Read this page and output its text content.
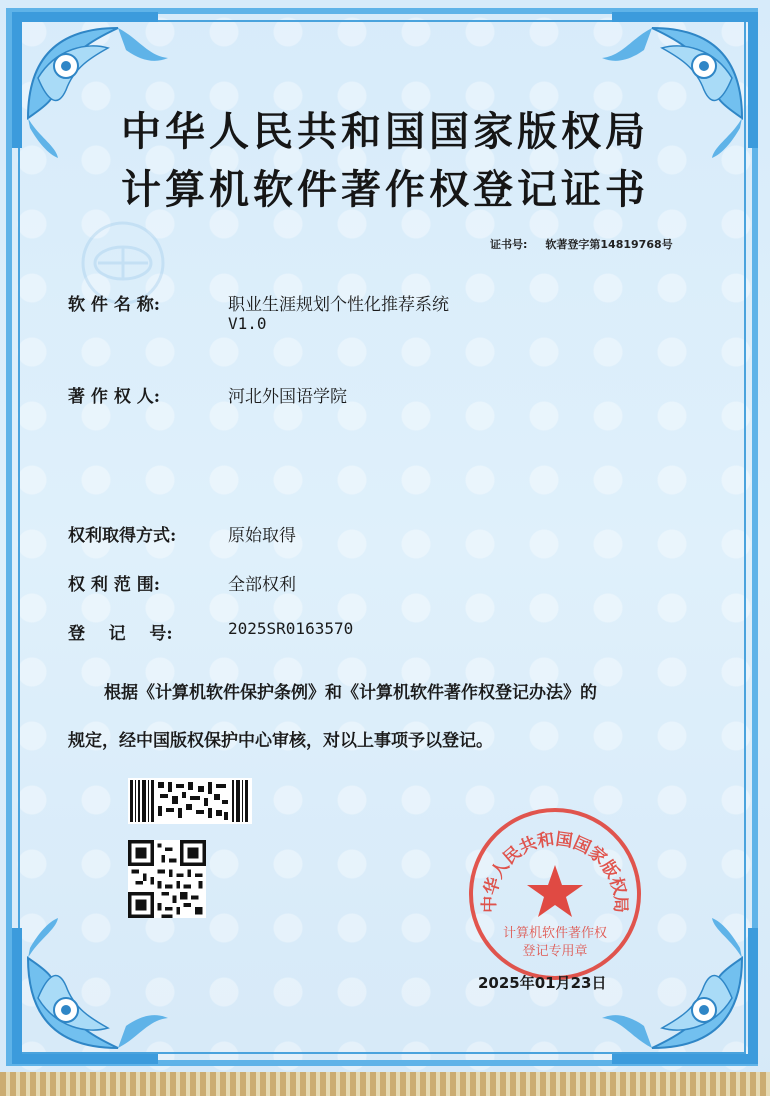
中华人民共和国国家版权局
计算机软件著作权登记证书
证书号: 软著登字第14819768号
软 件 名 称:	职业生涯规划个性化推荐系统
V1.0
著 作 权 人:	河北外国语学院
权利取得方式:	原始取得
权 利 范 围:	全部权利
登    记    号:	2025SR0163570
根据《计算机软件保护条例》和《计算机软件著作权登记办法》的
规定，经中国版权保护中心审核，对以上事项予以登记。
中华人民共和国国家版权局
计算机软件著作权
登记专用章
2025年01月23日
